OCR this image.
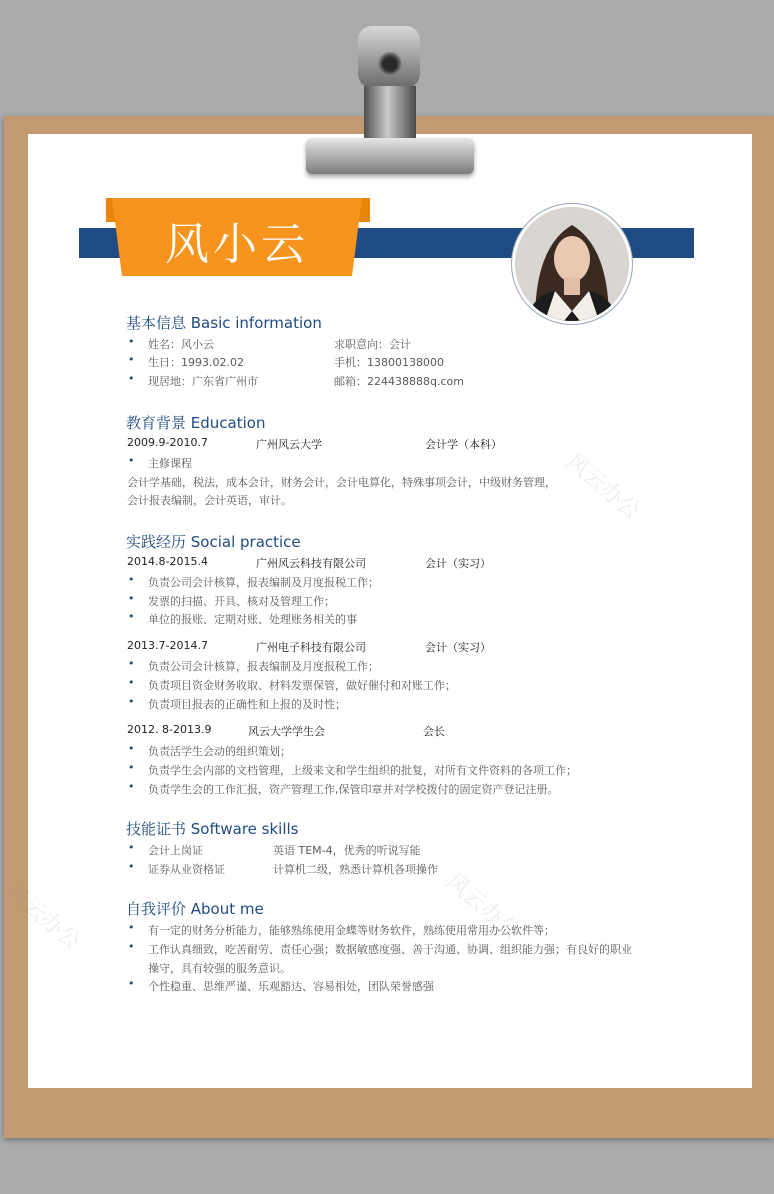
风云办公
风云办公	风云办公
风小云
基本信息 Basic information
• 姓名：风小云	求职意向：会计
• 生日：1993.02.02	手机：13800138000
• 现居地：广东省广州市	邮箱：224438888q.com
教育背景 Education
2009.9-2010.7	广州风云大学	会计学（本科）
• 主修课程
会计学基础，税法，成本会计，财务会计，会计电算化，特殊事项会计，中级财务管理，
会计报表编制，会计英语，审计。
实践经历 Social practice
2014.8-2015.4	广州风云科技有限公司	会计（实习）
• 负责公司会计核算，报表编制及月度报税工作；
• 发票的扫描、开具、核对及管理工作；
• 单位的报账、定期对账、处理账务相关的事
2013.7-2014.7	广州电子科技有限公司	会计（实习）
• 负责公司会计核算，报表编制及月度报税工作；
• 负责项目资金财务收取、材料发票保管，做好催付和对账工作；
• 负责项目报表的正确性和上报的及时性；
2012. 8-2013.9	风云大学学生会	会长
• 负责活学生会动的组织策划；
• 负责学生会内部的文档管理，上级来文和学生组织的批复，对所有文件资料的各项工作；
• 负责学生会的工作汇报，资产管理工作,保管印章并对学校拨付的固定资产登记注册。
技能证书 Software skills
• 会计上岗证	英语 TEM-4，优秀的听说写能
• 证券从业资格证	计算机二级，熟悉计算机各项操作
自我评价 About me
• 有一定的财务分析能力，能够熟练使用金蝶等财务软件，熟练使用常用办公软件等；
• 工作认真细致，吃苦耐劳、责任心强；数据敏感度强、善于沟通、协调、组织能力强；有良好的职业
操守，具有较强的服务意识。
• 个性稳重、思维严谨、乐观豁达、容易相处，团队荣誉感强
